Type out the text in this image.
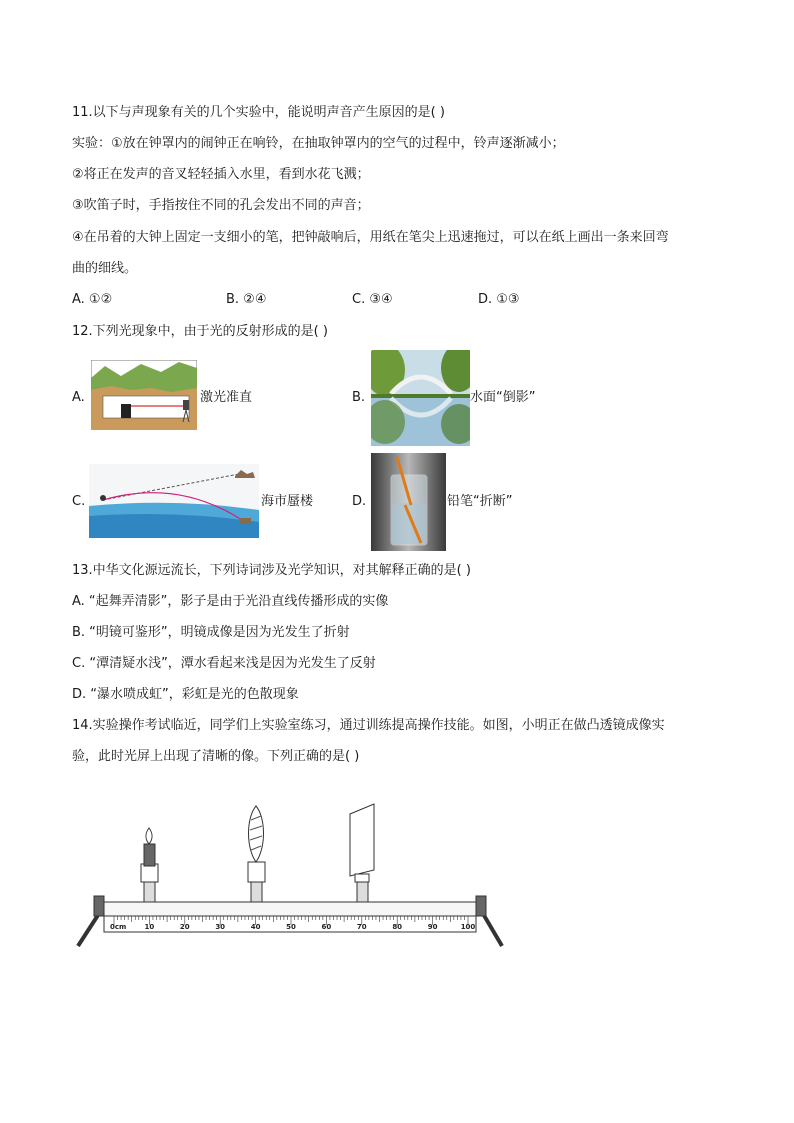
11.以下与声现象有关的几个实验中，能说明声音产生原因的是( )
实验：①放在钟罩内的闹钟正在响铃，在抽取钟罩内的空气的过程中，铃声逐渐减小；
②将正在发声的音叉轻轻插入水里，看到水花飞溅；
③吹笛子时，手指按住不同的孔会发出不同的声音；
④在吊着的大钟上固定一支细小的笔，把钟敲响后，用纸在笔尖上迅速拖过，可以在纸上画出一条来回弯
曲的细线。
A. ①②	B. ②④	C. ③④	D. ①③
12.下列光现象中，由于光的反射形成的是( )
A.	激光准直	B.	水面“倒影”
C.	海市蜃楼	D.	铅笔“折断”
13.中华文化源远流长，下列诗词涉及光学知识，对其解释正确的是( )
A. “起舞弄清影”，影子是由于光沿直线传播形成的实像
B. “明镜可鉴形”，明镜成像是因为光发生了折射
C. “潭清疑水浅”，潭水看起来浅是因为光发生了反射
D. “瀑水喷成虹”，彩虹是光的色散现象
14.实验操作考试临近，同学们上实验室练习，通过训练提高操作技能。如图，小明正在做凸透镜成像实
验，此时光屏上出现了清晰的像。下列正确的是( )
0cm	10	20	30	40	50	60	70	80	90	100
